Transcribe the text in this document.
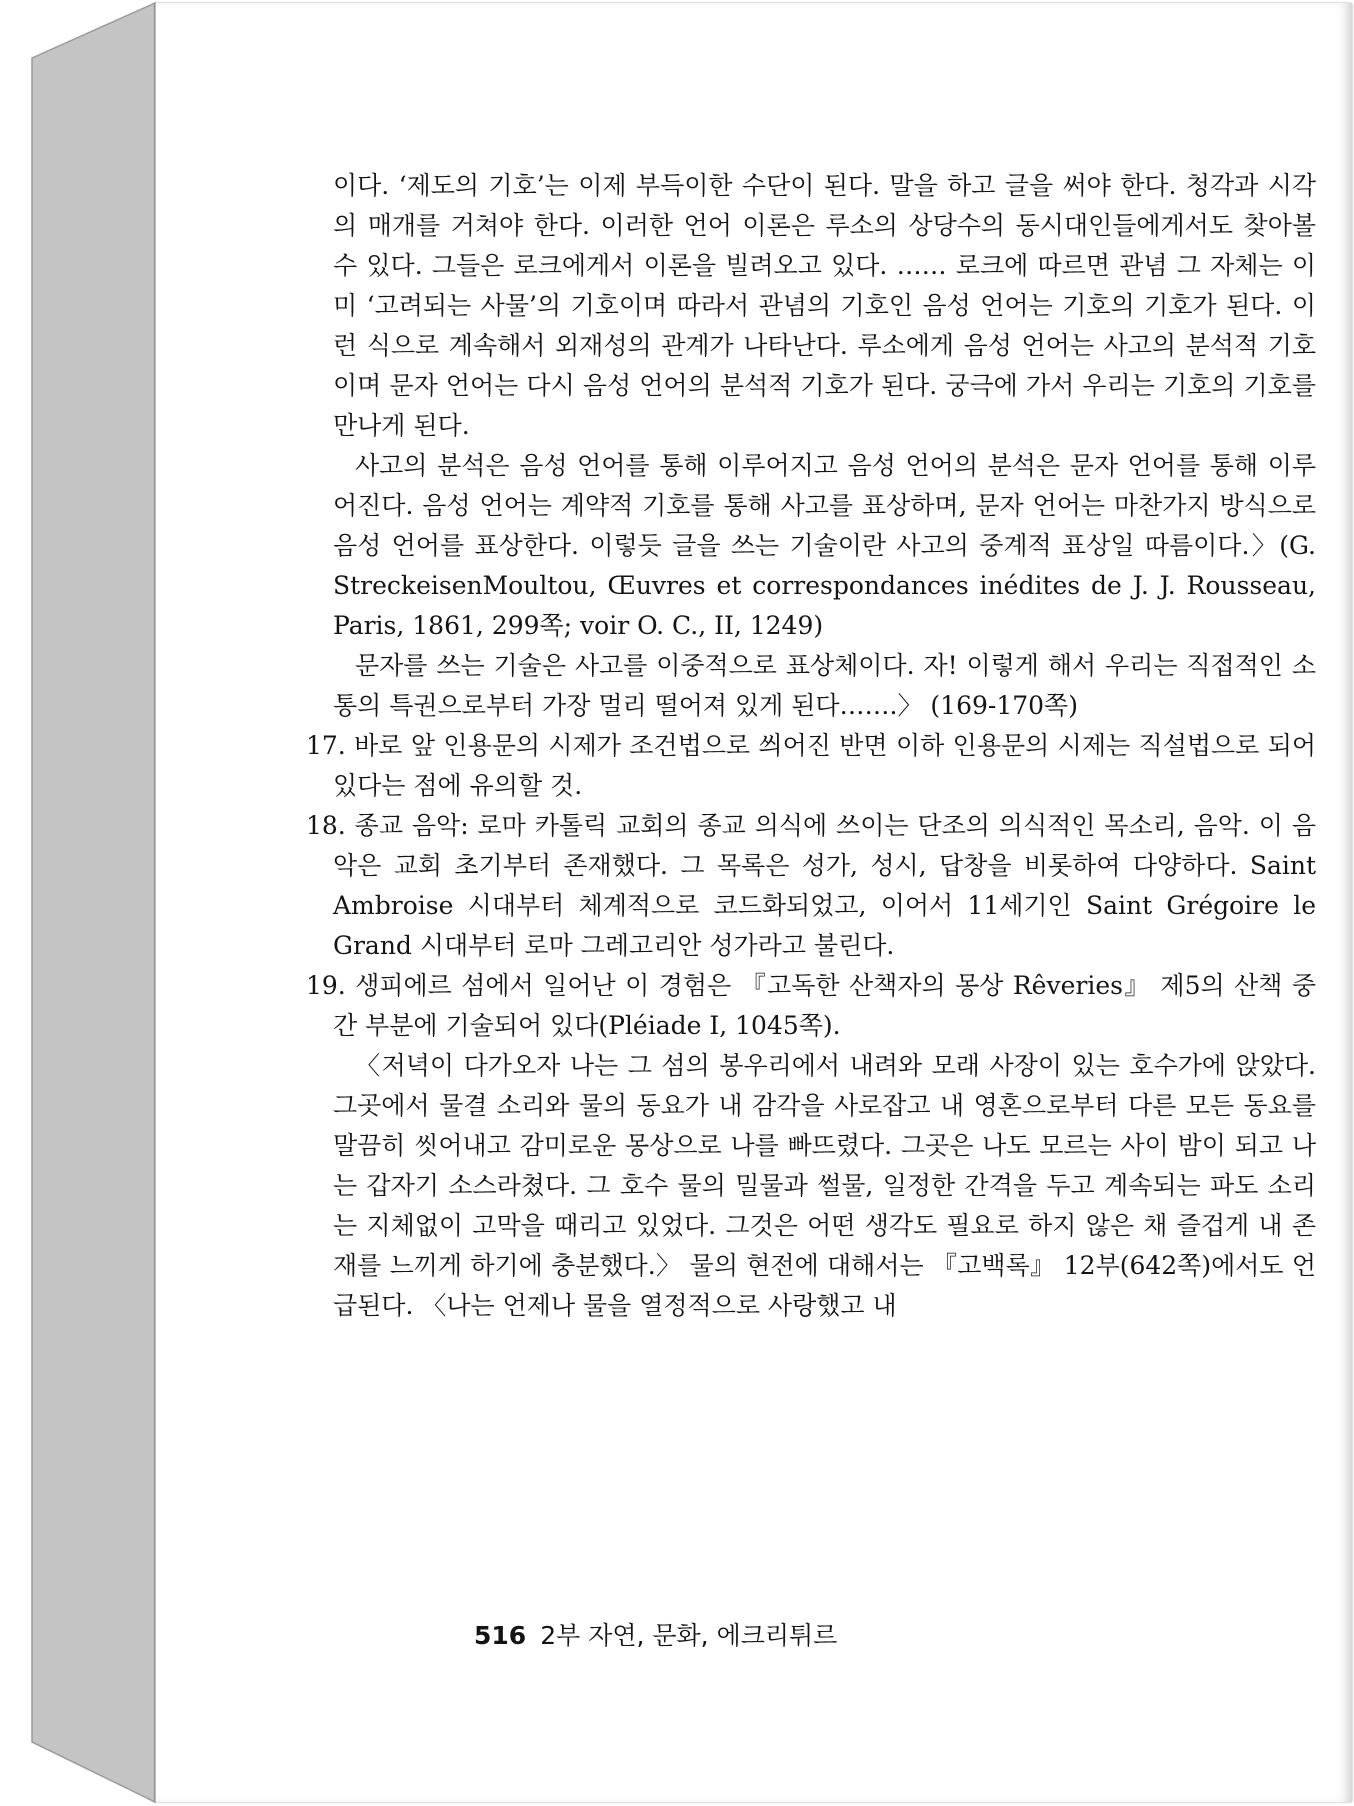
이다. ‘제도의 기호’는 이제 부득이한 수단이 된다. 말을 하고 글을 써야 한다. 청각과 시각의 매개를 거쳐야 한다. 이러한 언어 이론은 루소의 상당수의 동시대인들에게서도 찾아볼 수 있다. 그들은 로크에게서 이론을 빌려오고 있다. …… 로크에 따르면 관념 그 자체는 이미 ‘고려되는 사물’의 기호이며 따라서 관념의 기호인 음성 언어는 기호의 기호가 된다. 이런 식으로 계속해서 외재성의 관계가 나타난다. 루소에게 음성 언어는 사고의 분석적 기호이며 문자 언어는 다시 음성 언어의 분석적 기호가 된다. 궁극에 가서 우리는 기호의 기호를 만나게 된다.

사고의 분석은 음성 언어를 통해 이루어지고 음성 언어의 분석은 문자 언어를 통해 이루어진다. 음성 언어는 계약적 기호를 통해 사고를 표상하며, 문자 언어는 마찬가지 방식으로 음성 언어를 표상한다. 이렇듯 글을 쓰는 기술이란 사고의 중계적 표상일 따름이다.〉(G. StreckeisenMoultou, Œuvres et correspondances inédites de J. J. Rousseau, Paris, 1861, 299쪽; voir O. C., II, 1249)

문자를 쓰는 기술은 사고를 이중적으로 표상체이다. 자! 이렇게 해서 우리는 직접적인 소통의 특권으로부터 가장 멀리 떨어져 있게 된다…….〉 (169-170쪽)

17. 바로 앞 인용문의 시제가 조건법으로 씌어진 반면 이하 인용문의 시제는 직설법으로 되어 있다는 점에 유의할 것.

18. 종교 음악: 로마 카톨릭 교회의 종교 의식에 쓰이는 단조의 의식적인 목소리, 음악. 이 음악은 교회 초기부터 존재했다. 그 목록은 성가, 성시, 답창을 비롯하여 다양하다. Saint Ambroise 시대부터 체계적으로 코드화되었고, 이어서 11세기인 Saint Grégoire le Grand 시대부터 로마 그레고리안 성가라고 불린다.

19. 생피에르 섬에서 일어난 이 경험은 『고독한 산책자의 몽상 Rêveries』 제5의 산책 중간 부분에 기술되어 있다(Pléiade I, 1045쪽).

〈저녁이 다가오자 나는 그 섬의 봉우리에서 내려와 모래 사장이 있는 호수가에 앉았다. 그곳에서 물결 소리와 물의 동요가 내 감각을 사로잡고 내 영혼으로부터 다른 모든 동요를 말끔히 씻어내고 감미로운 몽상으로 나를 빠뜨렸다. 그곳은 나도 모르는 사이 밤이 되고 나는 갑자기 소스라쳤다. 그 호수 물의 밀물과 썰물, 일정한 간격을 두고 계속되는 파도 소리는 지체없이 고막을 때리고 있었다. 그것은 어떤 생각도 필요로 하지 않은 채 즐겁게 내 존재를 느끼게 하기에 충분했다.〉 물의 현전에 대해서는 『고백록』 12부(642쪽)에서도 언급된다. 〈나는 언제나 물을 열정적으로 사랑했고 내

516 2부 자연, 문화, 에크리튀르
